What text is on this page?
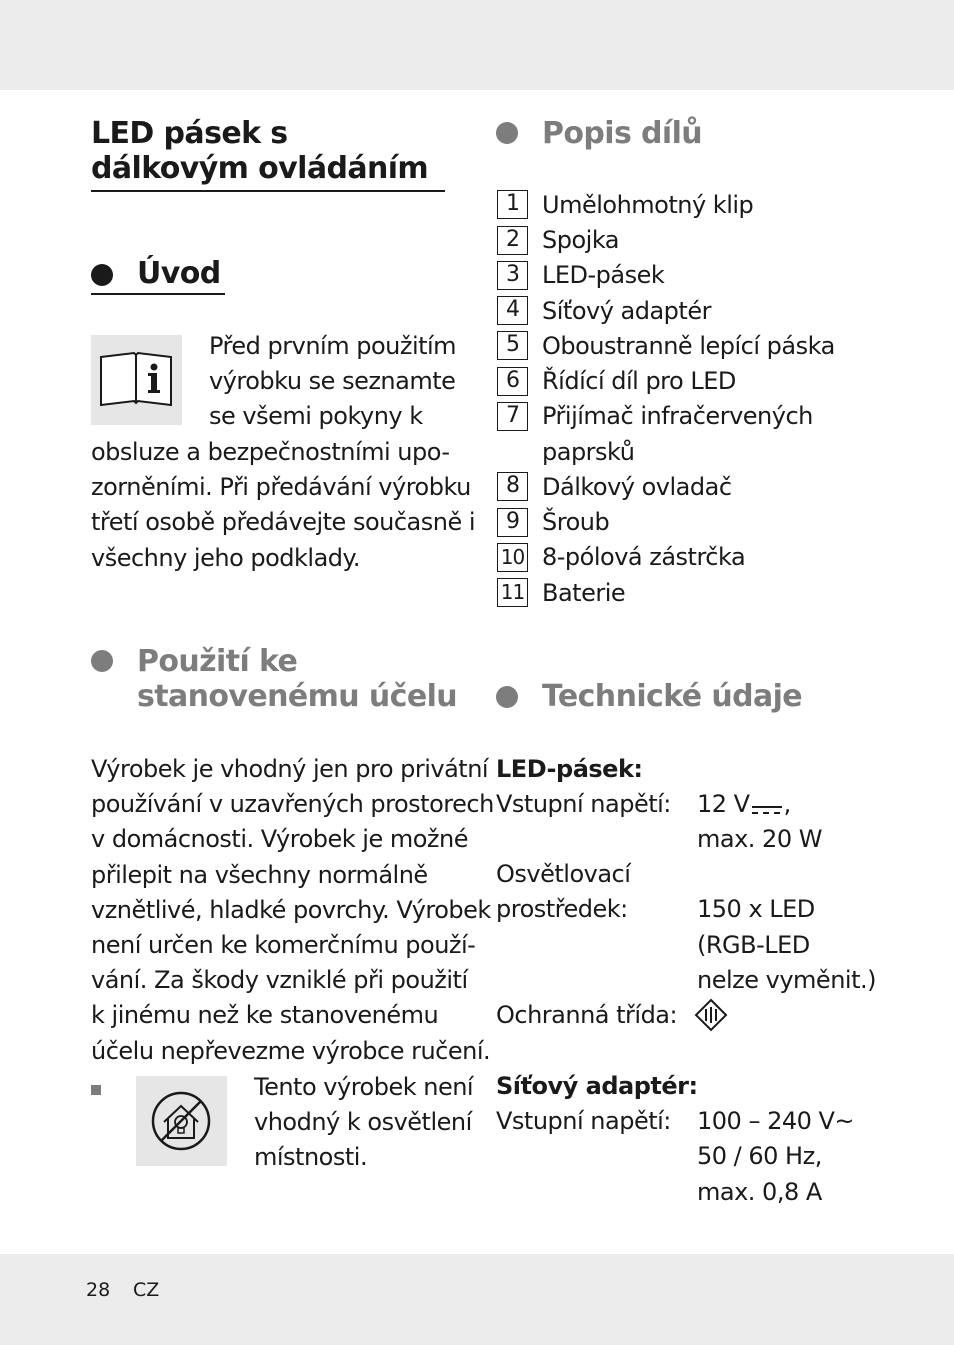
LED pásek s
dálkovým ovládáním
Úvod
Před prvním použitím
výrobku se seznamte
se všemi pokyny k
obsluze a bezpečnostními upo-
zorněními. Při předávání výrobku
třetí osobě předávejte současně i
všechny jeho podklady.
Použití ke
stanovenému účelu
Výrobek je vhodný jen pro privátní
používání v uzavřených prostorech
v domácnosti. Výrobek je možné
přilepit na všechny normálně
vznětlivé, hladké povrchy. Výrobek
není určen ke komerčnímu použí-
vání. Za škody vzniklé při použití
k jinému než ke stanovenému
účelu nepřevezme výrobce ručení.
Tento výrobek není
vhodný k osvětlení
místnosti.
Popis dílů
1 Umělohmotný klip
2 Spojka
3 LED-pásek
4 Síťový adaptér
5 Oboustranně lepící páska
6 Řídící díl pro LED
7 Přijímač infračervených
paprsků
8 Dálkový ovladač
9 Šroub
10 8-pólová zástrčka
11 Baterie
Technické údaje
LED-pásek:
Vstupní napětí: 12 V ,
max. 20 W
Osvětlovací
prostředek:	150 x LED
(RGB-LED
nelze vyměnit.)
Ochranná třída:
Síťový adaptér:
Vstupní napětí: 100 – 240 V~
50 / 60 Hz,
max. 0,8 A
28 CZ
